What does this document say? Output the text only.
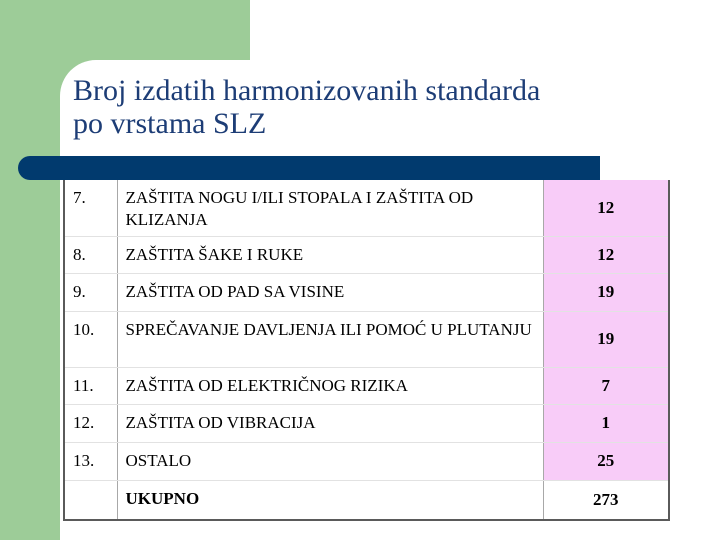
Broj izdatih harmonizovanih standarda
po vrstama SLZ
7.	ZAŠTITA NOGU I/ILI STOPALA I ZAŠTITA OD KLIZANJA	12
8.	ZAŠTITA ŠAKE I RUKE	12
9.	ZAŠTITA OD PAD SA VISINE	19
10.	SPREČAVANJE DAVLJENJA ILI POMOĆ U PLUTANJU	19
11.	ZAŠTITA OD ELEKTRIČNOG RIZIKA	7
12.	ZAŠTITA OD VIBRACIJA	1
13.	OSTALO	25
	UKUPNO	273
